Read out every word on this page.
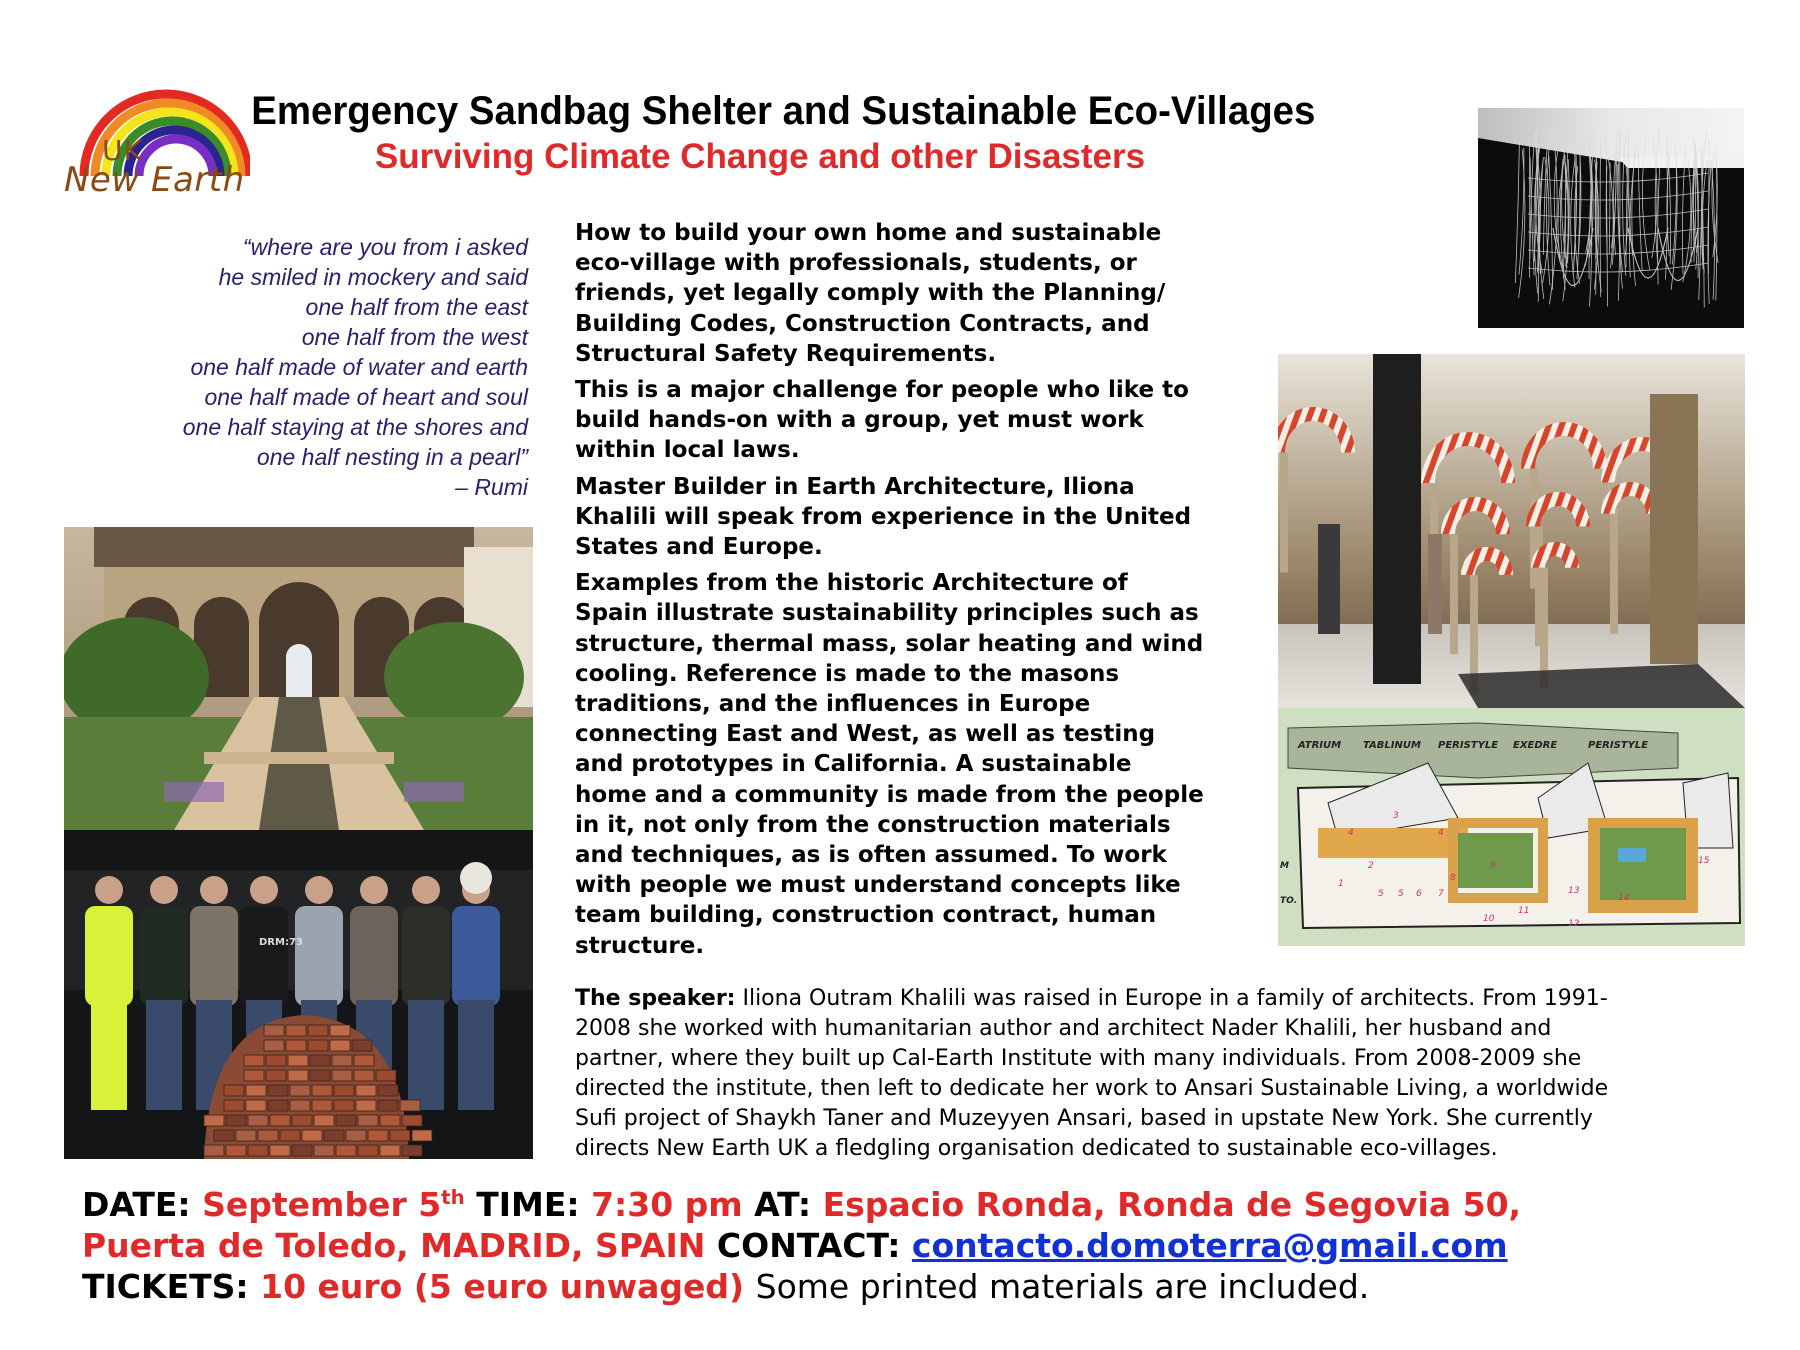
UK
New Earth
Emergency Sandbag Shelter and Sustainable Eco-Villages
Surviving Climate Change and other Disasters
“where are you from i asked
he smiled in mockery and said
one half from the east
one half from the west
one half made of water and earth
one half made of heart and soul
one half staying at the shores and
one half nesting in a pearl”
– Rumi

How to build your own home and sustainable
eco-village with professionals, students, or
friends, yet legally comply with the Planning/
Building Codes, Construction Contracts, and
Structural Safety Requirements.

This is a major challenge for people who like to
build hands-on with a group, yet must work
within local laws.

Master Builder in Earth Architecture, Iliona
Khalili will speak from experience in the United
States and Europe.

Examples from the historic Architecture of
Spain illustrate sustainability principles such as
structure, thermal mass, solar heating and wind
cooling. Reference is made to the masons
traditions, and the influences in Europe
connecting East and West, as well as testing
and prototypes in California. A sustainable
home and a community is made from the people
in it, not only from the construction materials
and techniques, as is often assumed. To work
with people we must understand concepts like
team building, construction contract, human
structure.

The speaker: Iliona Outram Khalili was raised in Europe in a family of architects. From 1991-
2008 she worked with humanitarian author and architect Nader Khalili, her husband and
partner, where they built up Cal-Earth Institute with many individuals. From 2008-2009 she
directed the institute, then left to dedicate her work to Ansari Sustainable Living, a worldwide
Sufi project of Shaykh Taner and Muzeyyen Ansari, based in upstate New York. She currently
directs New Earth UK a fledgling organisation dedicated to sustainable eco-villages.
DATE: September 5th TIME: 7:30 pm AT: Espacio Ronda, Ronda de Segovia 50,
Puerta de Toledo, MADRID, SPAIN CONTACT: contacto.domoterra@gmail.com
TICKETS: 10 euro (5 euro unwaged) Some printed materials are included.
ATRIUM TABLINUM PERISTYLE EXEDRE	PERISTYLE
1
2
3
4	4
5 5 6 7
8
9
10
11
12
13
14
15
M
TO.
DRM:73
